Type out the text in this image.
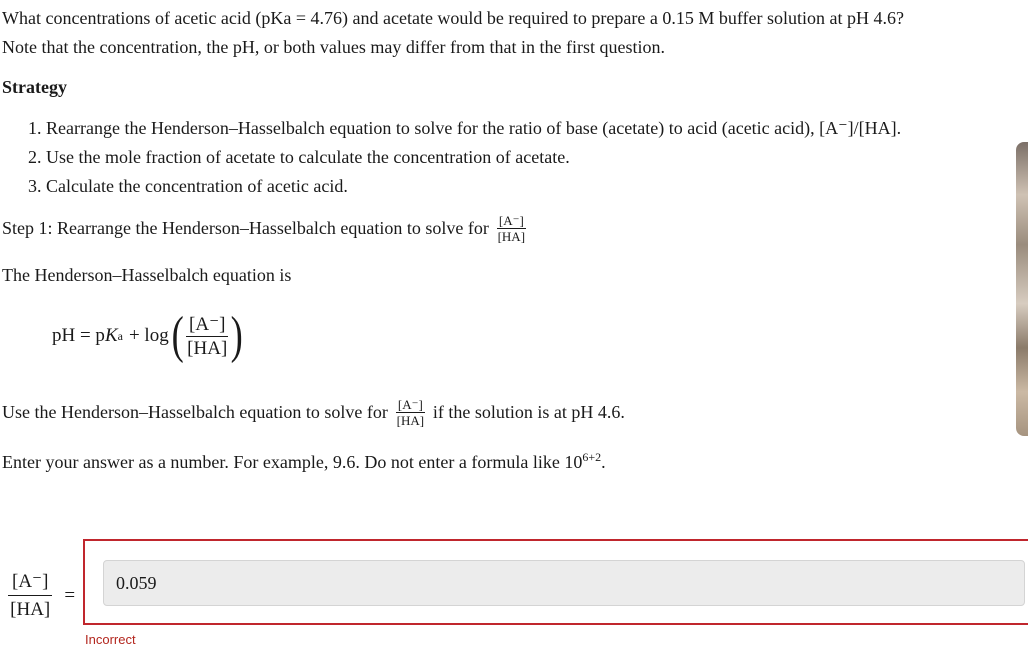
What concentrations of acetic acid (pKa = 4.76) and acetate would be required to prepare a 0.15 M buffer solution at pH 4.6?
Note that the concentration, the pH, or both values may differ from that in the first question.
Strategy
1. Rearrange the Henderson–Hasselbalch equation to solve for the ratio of base (acetate) to acid (acetic acid), [A⁻]/[HA].
2. Use the mole fraction of acetate to calculate the concentration of acetate.
3. Calculate the concentration of acetic acid.
Step 1: Rearrange the Henderson–Hasselbalch equation to solve for $\frac{[A^-]}{[HA]}$
The Henderson–Hasselbalch equation is
pH = p K a + log ( $\frac{[A^-]}{[HA]}$ )
Use the Henderson–Hasselbalch equation to solve for $\frac{[A^-]}{[HA]}$ if the solution is at pH 4.6.
Enter your answer as a number. For example, 9.6. Do not enter a formula like $10^{6+2}$.
$\frac{[A^-]}{[HA]}$ =
0.059
Incorrect
